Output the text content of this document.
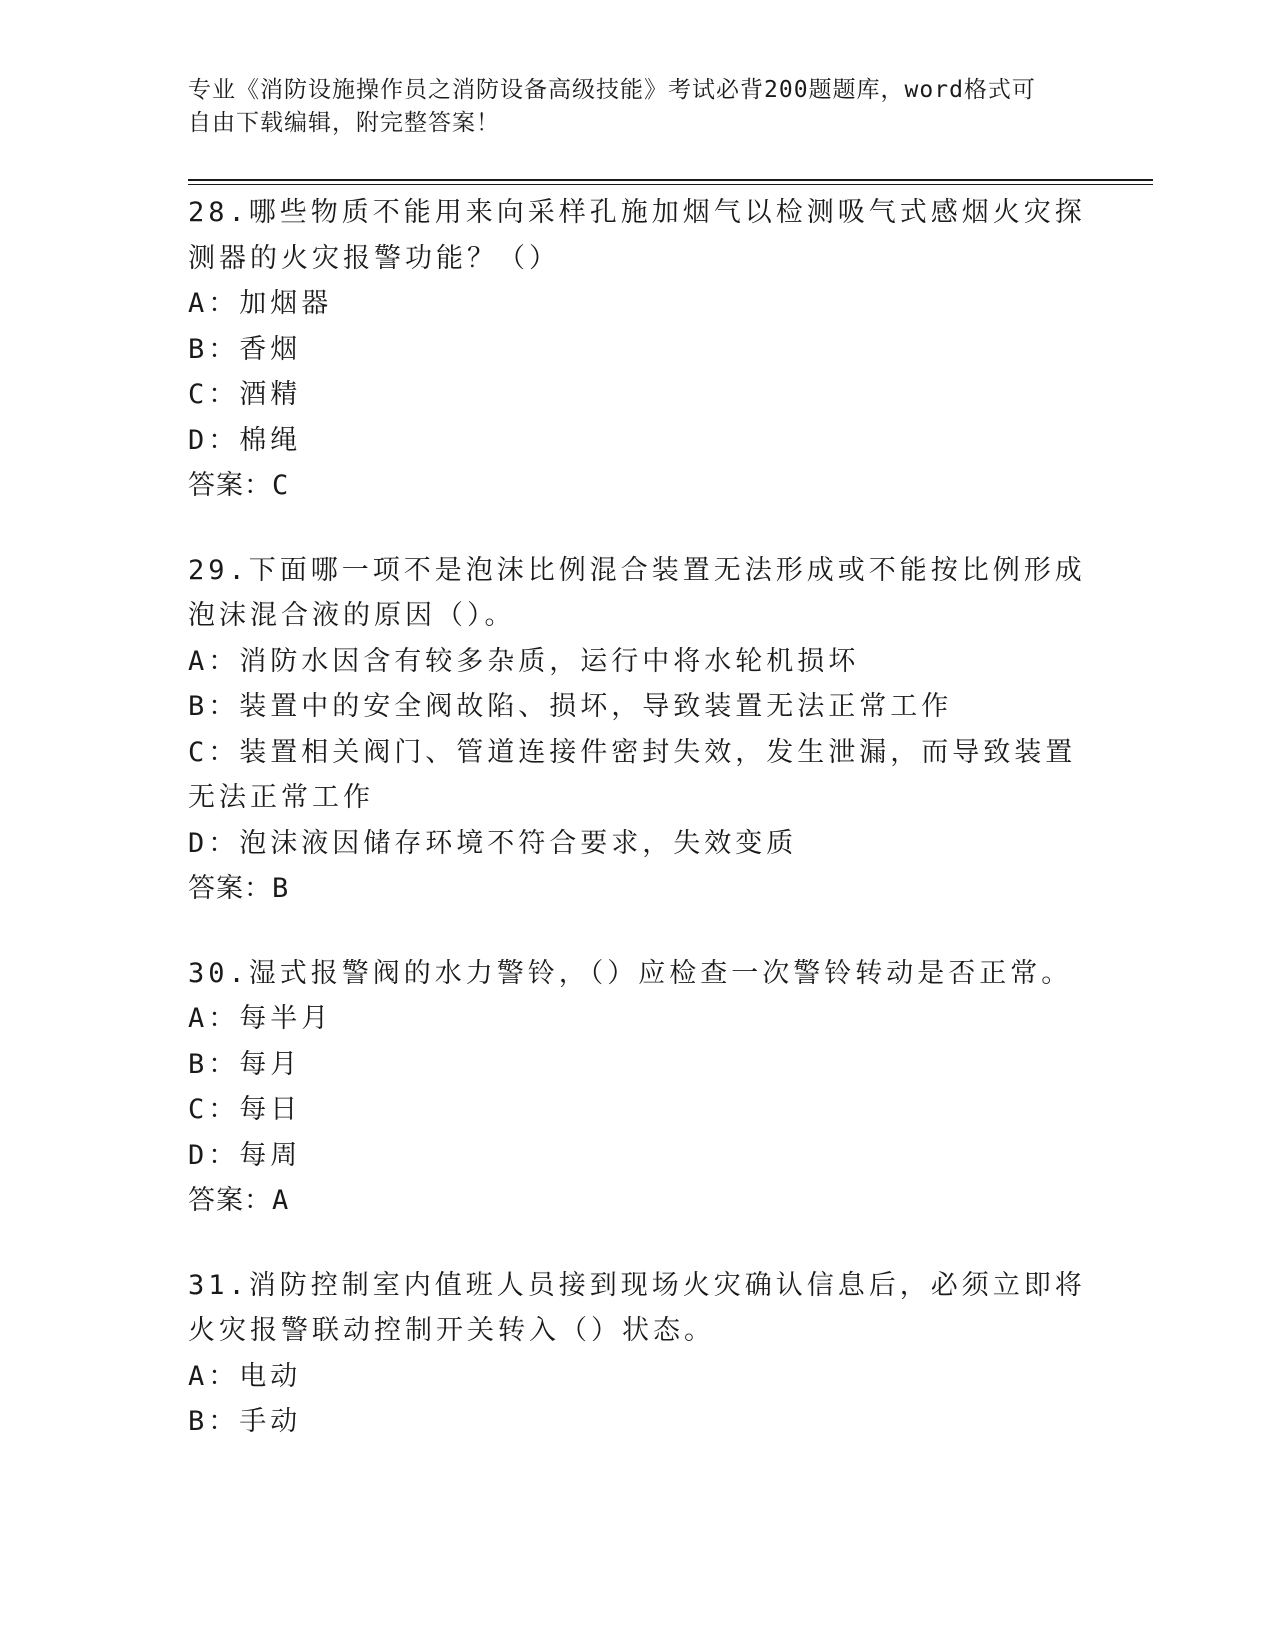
专业《消防设施操作员之消防设备高级技能》考试必背200题题库，word格式可
自由下载编辑，附完整答案！

28.哪些物质不能用来向采样孔施加烟气以检测吸气式感烟火灾探测器的火灾报警功能？（）

A：加烟器

B：香烟

C：酒精

D：棉绳

答案：C

29.下面哪一项不是泡沫比例混合装置无法形成或不能按比例形成泡沫混合液的原因（）。

A：消防水因含有较多杂质，运行中将水轮机损坏

B：装置中的安全阀故陷、损坏，导致装置无法正常工作

C：装置相关阀门、管道连接件密封失效，发生泄漏，而导致装置无法正常工作

D：泡沫液因储存环境不符合要求，失效变质

答案：B

30.湿式报警阀的水力警铃，（）应检查一次警铃转动是否正常。

A：每半月

B：每月

C：每日

D：每周

答案：A

31.消防控制室内值班人员接到现场火灾确认信息后，必须立即将火灾报警联动控制开关转入（）状态。

A：电动

B：手动
